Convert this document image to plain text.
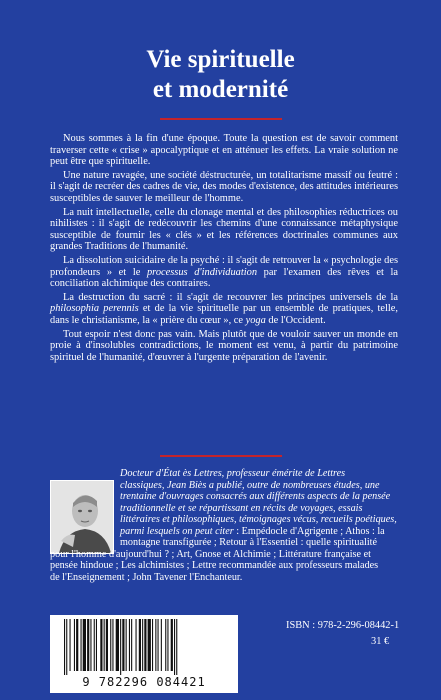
Vie spirituelle
et modernité

Nous sommes à la fin d'une époque. Toute la question est de savoir comment traverser cette « crise » apocalyptique et en atténuer les effets. La vraie solution ne peut être que spirituelle.

Une nature ravagée, une société déstructurée, un totalitarisme massif ou feutré : il s'agit de recréer des cadres de vie, des modes d'existence, des attitudes intérieures susceptibles de sauver le meilleur de l'homme.

La nuit intellectuelle, celle du clonage mental et des philosophies réductrices ou nihilistes : il s'agit de redécouvrir les chemins d'une connaissance métaphysique susceptible de fournir les « clés » et les références doctrinales communes aux grandes Traditions de l'humanité.

La dissolution suicidaire de la psyché : il s'agit de retrouver la « psychologie des profondeurs » et le processus d'individuation par l'examen des rêves et la conciliation alchimique des contraires.

La destruction du sacré : il s'agit de recouvrer les principes universels de la philosophia perennis et de la vie spirituelle par un ensemble de pratiques, telle, dans le christianisme, la « prière du cœur », ce yoga de l'Occident.

Tout espoir n'est donc pas vain. Mais plutôt que de vouloir sauver un monde en proie à d'insolubles contradictions, le moment est venu, à partir du patrimoine spirituel de l'humanité, d'œuvrer à l'urgente préparation de l'avenir.

Docteur d'État ès Lettres, professeur émérite de Lettres
classiques, Jean Biès a publié, outre de nombreuses études, une
trentaine d'ouvrages consacrés aux différents aspects de la pensée
traditionnelle et se répartissant en récits de voyages, essais
littéraires et philosophiques, témoignages vécus, recueils poétiques,
parmi lesquels on peut citer : Empédocle d'Agrigente ; Athos : la
montagne transfigurée ; Retour à l'Essentiel : quelle spiritualité
pour l'homme d'aujourd'hui ? ; Art, Gnose et Alchimie ; Littérature française et
pensée hindoue ; Les alchimistes ; Lettre recommandée aux professeurs malades
de l'Enseignement ; John Tavener l'Enchanteur.
9 782296 084421
ISBN : 978-2-296-08442-1
31 €
